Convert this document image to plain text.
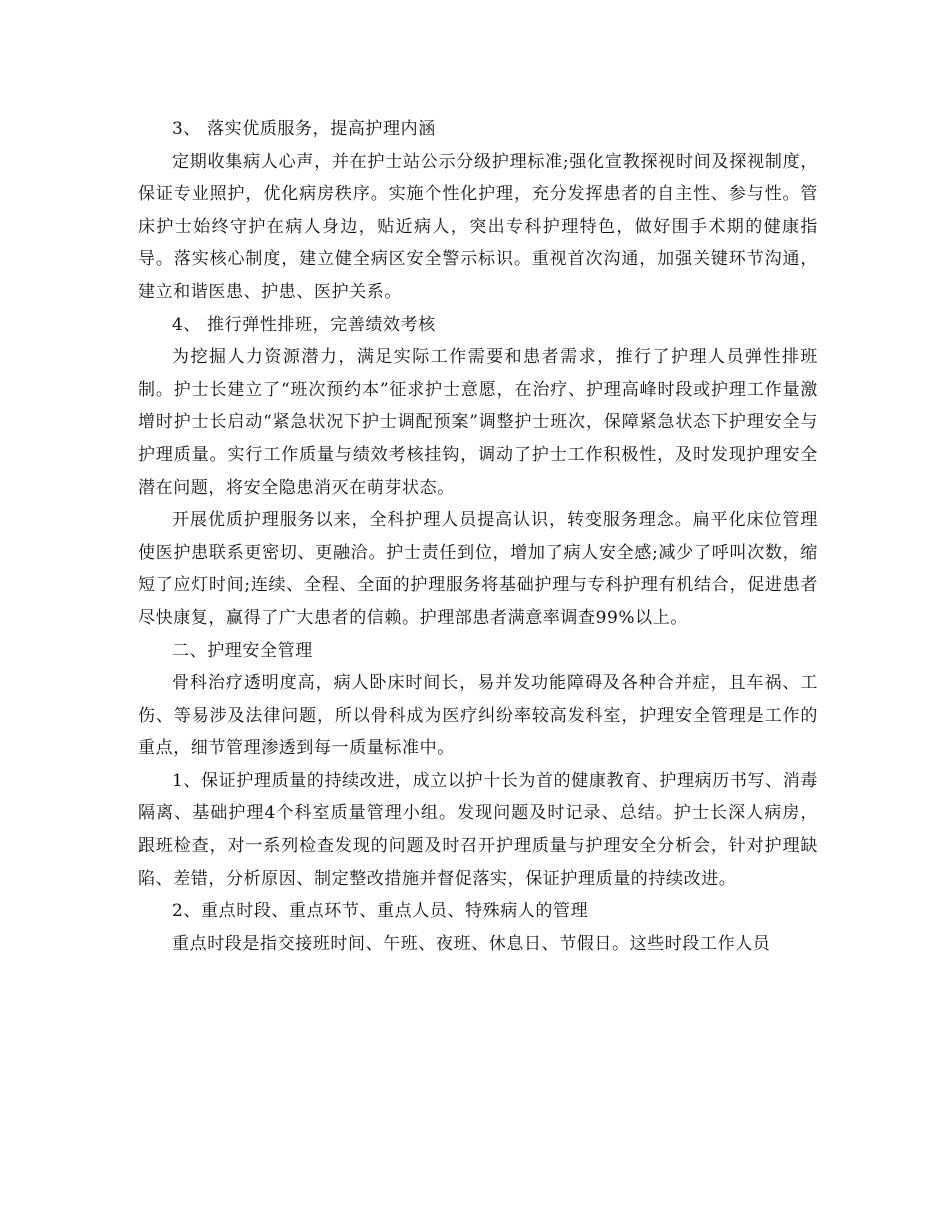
3、 落实优质服务，提高护理内涵

定期收集病人心声，并在护士站公示分级护理标准;强化宣教探视时间及探视制度，保证专业照护，优化病房秩序。实施个性化护理，充分发挥患者的自主性、参与性。管床护士始终守护在病人身边，贴近病人，突出专科护理特色，做好围手术期的健康指导。落实核心制度，建立健全病区安全警示标识。重视首次沟通，加强关键环节沟通，建立和谐医患、护患、医护关系。

4、 推行弹性排班，完善绩效考核

为挖掘人力资源潜力，满足实际工作需要和患者需求，推行了护理人员弹性排班制。护士长建立了“班次预约本”征求护士意愿，在治疗、护理高峰时段或护理工作量激增时护士长启动“紧急状况下护士调配预案”调整护士班次，保障紧急状态下护理安全与护理质量。实行工作质量与绩效考核挂钩，调动了护士工作积极性，及时发现护理安全潜在问题，将安全隐患消灭在萌芽状态。

开展优质护理服务以来，全科护理人员提高认识，转变服务理念。扁平化床位管理使医护患联系更密切、更融洽。护士责任到位，增加了病人安全感;减少了呼叫次数，缩短了应灯时间;连续、全程、全面的护理服务将基础护理与专科护理有机结合，促进患者尽快康复，赢得了广大患者的信赖。护理部患者满意率调查99%以上。

二、护理安全管理

骨科治疗透明度高，病人卧床时间长，易并发功能障碍及各种合并症，且车祸、工伤、等易涉及法律问题，所以骨科成为医疗纠纷率较高发科室，护理安全管理是工作的重点，细节管理渗透到每一质量标准中。

1、保证护理质量的持续改进，成立以护十长为首的健康教育、护理病历书写、消毒隔离、基础护理4个科室质量管理小组。发现问题及时记录、总结。护士长深人病房，跟班检查，对一系列检查发现的问题及时召开护理质量与护理安全分析会，针对护理缺陷、差错，分析原因、制定整改措施并督促落实，保证护理质量的持续改进。

2、重点时段、重点环节、重点人员、特殊病人的管理

重点时段是指交接班时间、午班、夜班、休息日、节假日。这些时段工作人员
